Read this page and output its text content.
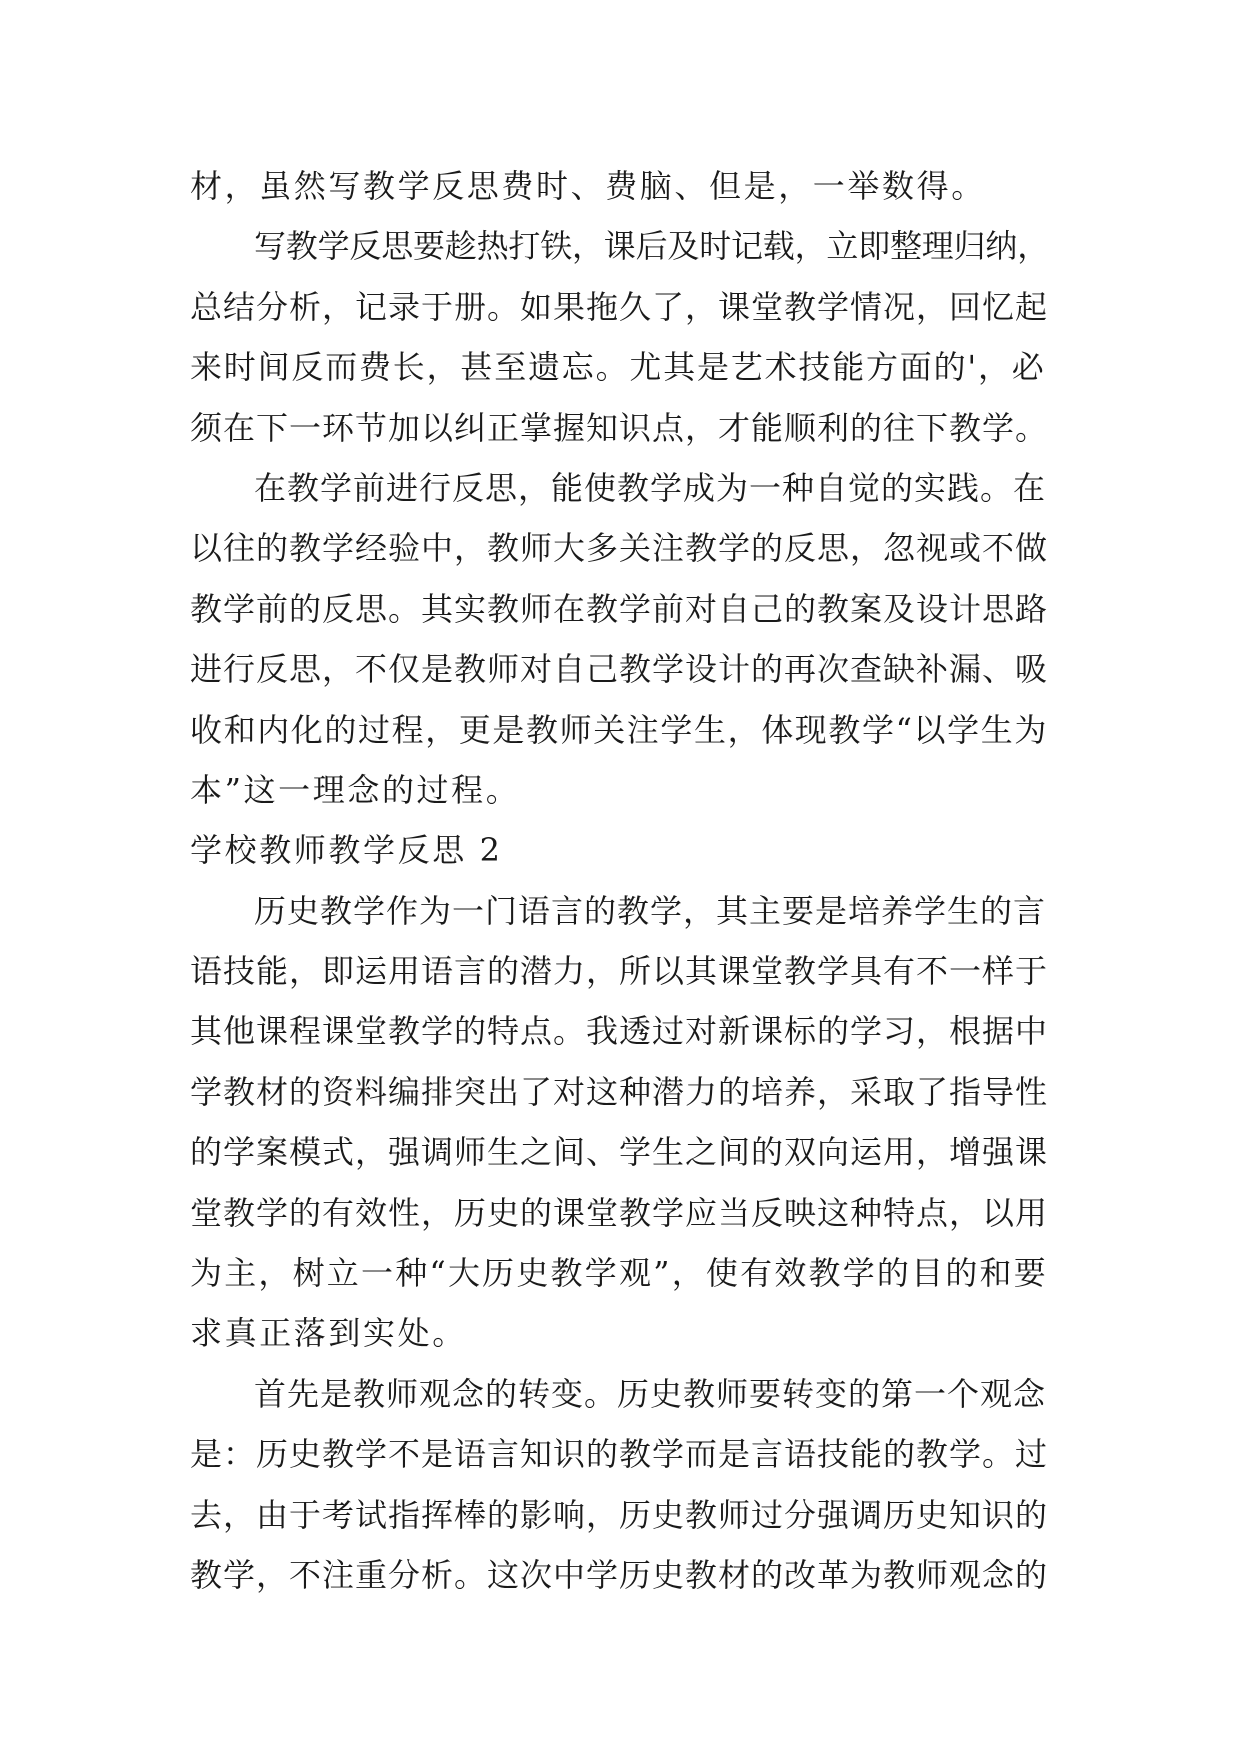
材，虽然写教学反思费时、费脑、但是，一举数得。
写教学反思要趁热打铁，课后及时记载，立即整理归纳，
总结分析，记录于册。如果拖久了，课堂教学情况，回忆起
来时间反而费长，甚至遗忘。尤其是艺术技能方面的'，必
须在下一环节加以纠正掌握知识点，才能顺利的往下教学。
在教学前进行反思，能使教学成为一种自觉的实践。在
以往的教学经验中，教师大多关注教学的反思，忽视或不做
教学前的反思。其实教师在教学前对自己的教案及设计思路
进行反思，不仅是教师对自己教学设计的再次查缺补漏、吸
收和内化的过程，更是教师关注学生，体现教学“以学生为
本”这一理念的过程。
学校教师教学反思 2
历史教学作为一门语言的教学，其主要是培养学生的言
语技能，即运用语言的潜力，所以其课堂教学具有不一样于
其他课程课堂教学的特点。我透过对新课标的学习，根据中
学教材的资料编排突出了对这种潜力的培养，采取了指导性
的学案模式，强调师生之间、学生之间的双向运用，增强课
堂教学的有效性，历史的课堂教学应当反映这种特点，以用
为主，树立一种“大历史教学观”，使有效教学的目的和要
求真正落到实处。
首先是教师观念的转变。历史教师要转变的第一个观念
是：历史教学不是语言知识的教学而是言语技能的教学。过
去，由于考试指挥棒的影响，历史教师过分强调历史知识的
教学，不注重分析。这次中学历史教材的改革为教师观念的
